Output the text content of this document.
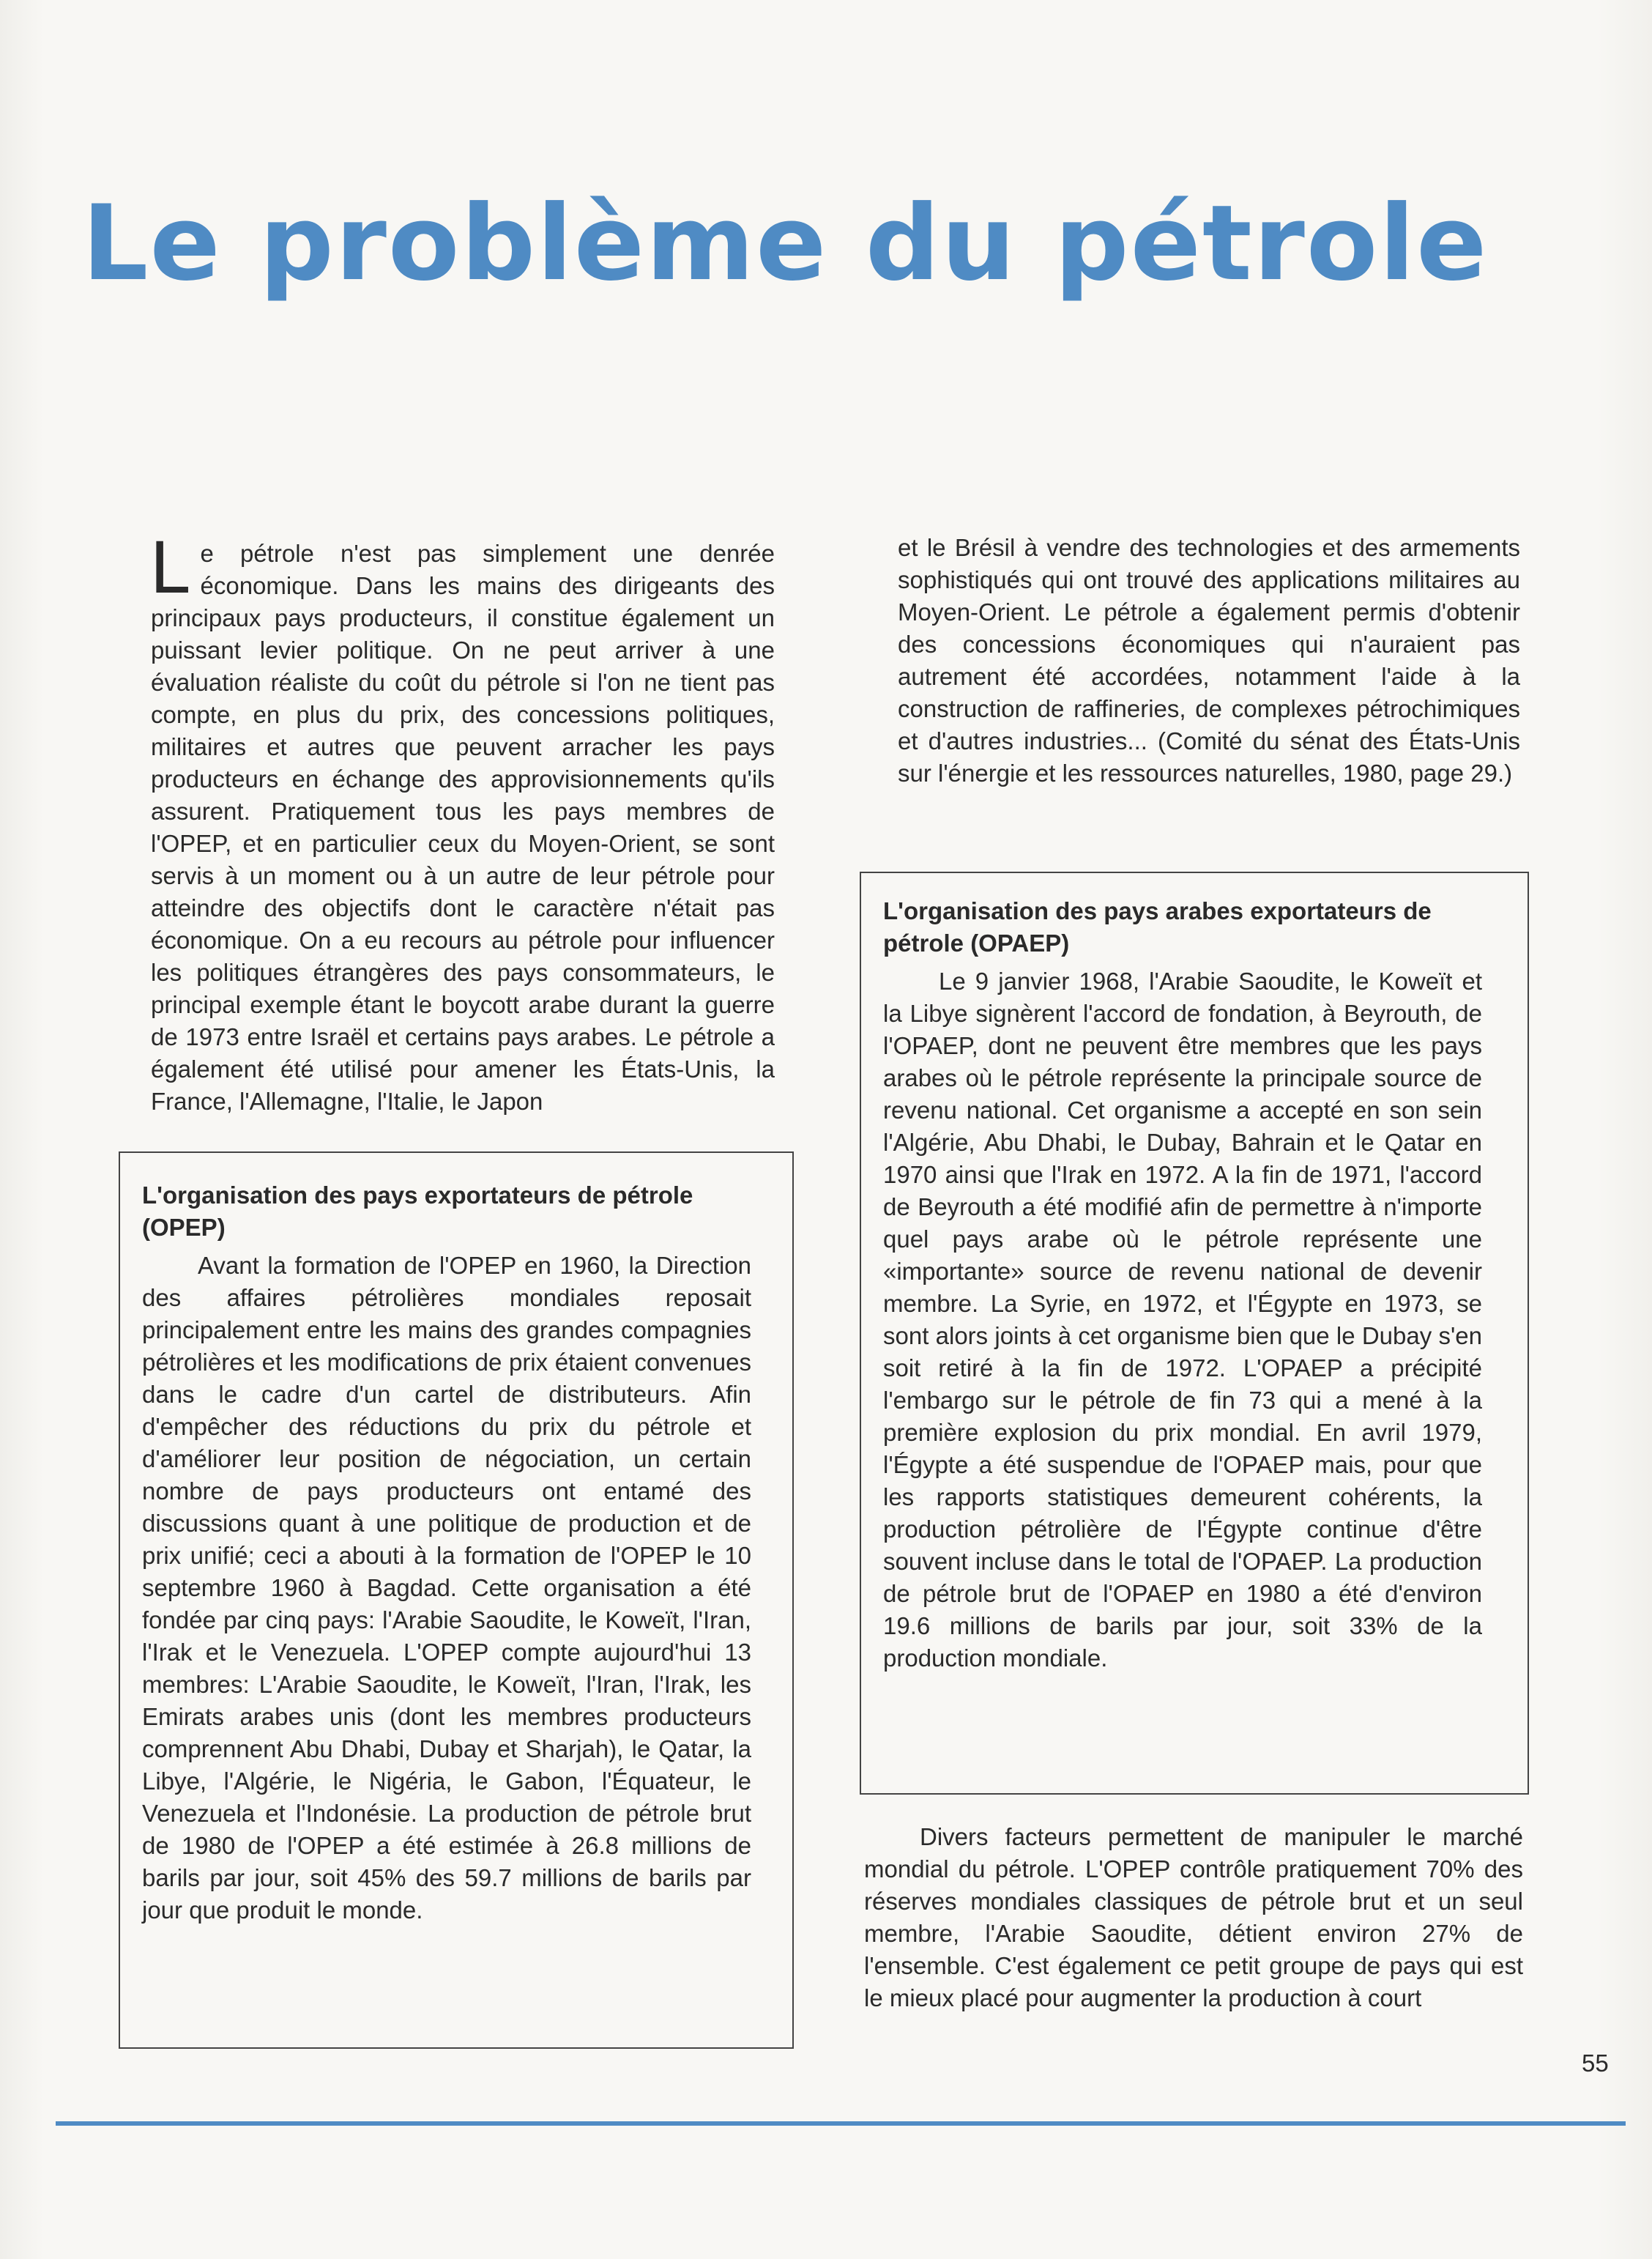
Le problème du pétrole
L e pétrole n'est pas simplement une denrée économique. Dans les mains des dirigeants des principaux pays producteurs, il constitue également un puissant levier politique. On ne peut arriver à une évaluation réaliste du coût du pétrole si l'on ne tient pas compte, en plus du prix, des concessions politiques, militaires et autres que peuvent arracher les pays producteurs en échange des approvisionnements qu'ils assurent. Pratiquement tous les pays membres de l'OPEP, et en particulier ceux du Moyen-Orient, se sont servis à un moment ou à un autre de leur pétrole pour atteindre des objectifs dont le caractère n'était pas économique. On a eu recours au pétrole pour influencer les politiques étrangères des pays consommateurs, le principal exemple étant le boycott arabe durant la guerre de 1973 entre Israël et certains pays arabes. Le pétrole a également été utilisé pour amener les États-Unis, la France, l'Allemagne, l'Italie, le Japon

et le Brésil à vendre des technologies et des armements sophistiqués qui ont trouvé des applications militaires au Moyen-Orient. Le pétrole a également permis d'obtenir des concessions économiques qui n'auraient pas autrement été accordées, notamment l'aide à la construction de raffineries, de complexes pétrochimiques et d'autres industries... (Comité du sénat des États-Unis sur l'énergie et les ressources naturelles, 1980, page 29.)

L'organisation des pays exportateurs de pétrole (OPEP)

Avant la formation de l'OPEP en 1960, la Direction des affaires pétrolières mondiales reposait principalement entre les mains des grandes compagnies pétrolières et les modifications de prix étaient convenues dans le cadre d'un cartel de distributeurs. Afin d'empêcher des réductions du prix du pétrole et d'améliorer leur position de négociation, un certain nombre de pays producteurs ont entamé des discussions quant à une politique de production et de prix unifié; ceci a abouti à la formation de l'OPEP le 10 septembre 1960 à Bagdad. Cette organisation a été fondée par cinq pays: l'Arabie Saoudite, le Koweït, l'Iran, l'Irak et le Venezuela. L'OPEP compte aujourd'hui 13 membres: L'Arabie Saoudite, le Koweït, l'Iran, l'Irak, les Emirats arabes unis (dont les membres producteurs comprennent Abu Dhabi, Dubay et Sharjah), le Qatar, la Libye, l'Algérie, le Nigéria, le Gabon, l'Équateur, le Venezuela et l'Indonésie. La production de pétrole brut de 1980 de l'OPEP a été estimée à 26.8 millions de barils par jour, soit 45% des 59.7 millions de barils par jour que produit le monde.

L'organisation des pays arabes exportateurs de pétrole (OPAEP)

Le 9 janvier 1968, l'Arabie Saoudite, le Koweït et la Libye signèrent l'accord de fondation, à Beyrouth, de l'OPAEP, dont ne peuvent être membres que les pays arabes où le pétrole représente la principale source de revenu national. Cet organisme a accepté en son sein l'Algérie, Abu Dhabi, le Dubay, Bahrain et le Qatar en 1970 ainsi que l'Irak en 1972. A la fin de 1971, l'accord de Beyrouth a été modifié afin de permettre à n'importe quel pays arabe où le pétrole représente une «importante» source de revenu national de devenir membre. La Syrie, en 1972, et l'Égypte en 1973, se sont alors joints à cet organisme bien que le Dubay s'en soit retiré à la fin de 1972. L'OPAEP a précipité l'embargo sur le pétrole de fin 73 qui a mené à la première explosion du prix mondial. En avril 1979, l'Égypte a été suspendue de l'OPAEP mais, pour que les rapports statistiques demeurent cohérents, la production pétrolière de l'Égypte continue d'être souvent incluse dans le total de l'OPAEP. La production de pétrole brut de l'OPAEP en 1980 a été d'environ 19.6 millions de barils par jour, soit 33% de la production mondiale.

Divers facteurs permettent de manipuler le marché mondial du pétrole. L'OPEP contrôle pratiquement 70% des réserves mondiales classiques de pétrole brut et un seul membre, l'Arabie Saoudite, détient environ 27% de l'ensemble. C'est également ce petit groupe de pays qui est le mieux placé pour augmenter la production à court

55
